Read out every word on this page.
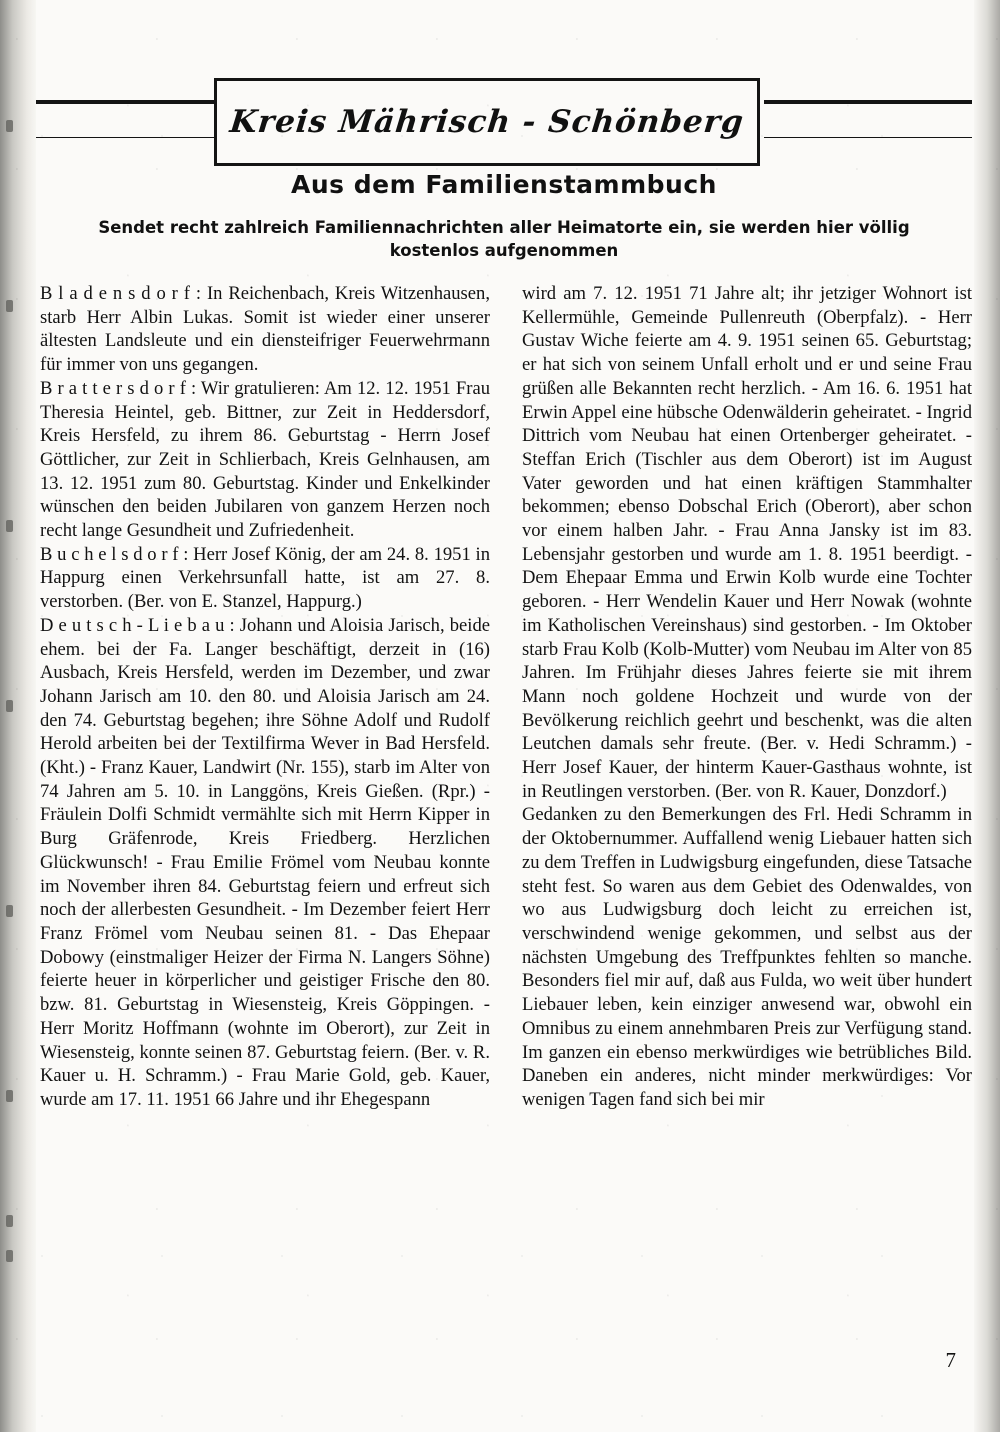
Kreis Mährisch - Schönberg
Aus dem Familienstammbuch
Sendet recht zahlreich Familiennachrichten aller Heimatorte ein, sie werden hier völlig kostenlos aufgenommen

B l a d e n s d o r f : In Reichenbach, Kreis Witzenhausen, starb Herr Albin Lukas. Somit ist wieder einer unserer ältesten Landsleute und ein diensteifriger Feuerwehrmann für immer von uns gegangen.

B r a t t e r s d o r f : Wir gratulieren: Am 12. 12. 1951 Frau Theresia Heintel, geb. Bittner, zur Zeit in Heddersdorf, Kreis Hersfeld, zu ihrem 86. Geburtstag - Herrn Josef Göttlicher, zur Zeit in Schlierbach, Kreis Gelnhausen, am 13. 12. 1951 zum 80. Geburtstag. Kinder und Enkelkinder wünschen den beiden Jubilaren von ganzem Herzen noch recht lange Gesundheit und Zufriedenheit.

B u c h e l s d o r f : Herr Josef König, der am 24. 8. 1951 in Happurg einen Verkehrsunfall hatte, ist am 27. 8. verstorben. (Ber. von E. Stanzel, Happurg.)

D e u t s c h - L i e b a u : Johann und Aloisia Jarisch, beide ehem. bei der Fa. Langer beschäftigt, derzeit in (16) Ausbach, Kreis Hersfeld, werden im Dezember, und zwar Johann Jarisch am 10. den 80. und Aloisia Jarisch am 24. den 74. Geburtstag begehen; ihre Söhne Adolf und Rudolf Herold arbeiten bei der Textilfirma Wever in Bad Hersfeld. (Kht.) - Franz Kauer, Landwirt (Nr. 155), starb im Alter von 74 Jahren am 5. 10. in Langgöns, Kreis Gießen. (Rpr.) - Fräulein Dolfi Schmidt vermählte sich mit Herrn Kipper in Burg Gräfenrode, Kreis Friedberg. Herzlichen Glückwunsch! - Frau Emilie Frömel vom Neubau konnte im November ihren 84. Geburtstag feiern und erfreut sich noch der allerbesten Gesundheit. - Im Dezember feiert Herr Franz Frömel vom Neubau seinen 81. - Das Ehepaar Dobowy (einstmaliger Heizer der Firma N. Langers Söhne) feierte heuer in körperlicher und geistiger Frische den 80. bzw. 81. Geburtstag in Wiesensteig, Kreis Göppingen. - Herr Moritz Hoffmann (wohnte im Oberort), zur Zeit in Wiesensteig, konnte seinen 87. Geburtstag feiern. (Ber. v. R. Kauer u. H. Schramm.) - Frau Marie Gold, geb. Kauer, wurde am 17. 11. 1951 66 Jahre und ihr Ehegespann

wird am 7. 12. 1951 71 Jahre alt; ihr jetziger Wohnort ist Kellermühle, Gemeinde Pullenreuth (Oberpfalz). - Herr Gustav Wiche feierte am 4. 9. 1951 seinen 65. Geburtstag; er hat sich von seinem Unfall erholt und er und seine Frau grüßen alle Bekannten recht herzlich. - Am 16. 6. 1951 hat Erwin Appel eine hübsche Odenwälderin geheiratet. - Ingrid Dittrich vom Neubau hat einen Ortenberger geheiratet. - Steffan Erich (Tischler aus dem Oberort) ist im August Vater geworden und hat einen kräftigen Stammhalter bekommen; ebenso Dobschal Erich (Oberort), aber schon vor einem halben Jahr. - Frau Anna Jansky ist im 83. Lebensjahr gestorben und wurde am 1. 8. 1951 beerdigt. - Dem Ehepaar Emma und Erwin Kolb wurde eine Tochter geboren. - Herr Wendelin Kauer und Herr Nowak (wohnte im Katholischen Vereinshaus) sind gestorben. - Im Oktober starb Frau Kolb (Kolb-Mutter) vom Neubau im Alter von 85 Jahren. Im Frühjahr dieses Jahres feierte sie mit ihrem Mann noch goldene Hochzeit und wurde von der Bevölkerung reichlich geehrt und beschenkt, was die alten Leutchen damals sehr freute. (Ber. v. Hedi Schramm.) - Herr Josef Kauer, der hinterm Kauer-Gasthaus wohnte, ist in Reutlingen verstorben. (Ber. von R. Kauer, Donzdorf.)

Gedanken zu den Bemerkungen des Frl. Hedi Schramm in der Oktobernummer. Auffallend wenig Liebauer hatten sich zu dem Treffen in Ludwigsburg eingefunden, diese Tatsache steht fest. So waren aus dem Gebiet des Odenwaldes, von wo aus Ludwigsburg doch leicht zu erreichen ist, verschwindend wenige gekommen, und selbst aus der nächsten Umgebung des Treffpunktes fehlten so manche. Besonders fiel mir auf, daß aus Fulda, wo weit über hundert Liebauer leben, kein einziger anwesend war, obwohl ein Omnibus zu einem annehmbaren Preis zur Verfügung stand. Im ganzen ein ebenso merkwürdiges wie betrübliches Bild. Daneben ein anderes, nicht minder merkwürdiges: Vor wenigen Tagen fand sich bei mir

7
